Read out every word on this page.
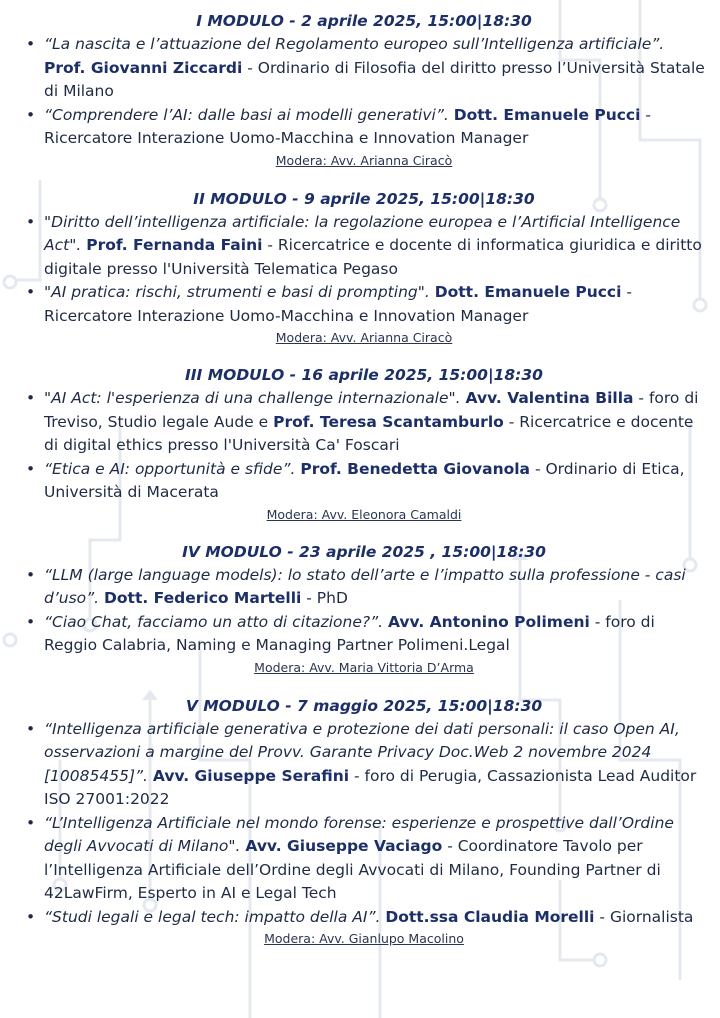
I MODULO - 2 aprile 2025, 15:00|18:30
• “La nascita e l’attuazione del Regolamento europeo sull’Intelligenza artificiale”. Prof. Giovanni Ziccardi - Ordinario di Filosofia del diritto presso l’Università Statale di Milano
• “Comprendere l’AI: dalle basi ai modelli generativi”. Dott. Emanuele Pucci - Ricercatore Interazione Uomo-Macchina e Innovation Manager
Modera: Avv. Arianna Ciracò
II MODULO - 9 aprile 2025, 15:00|18:30
• "Diritto dell’intelligenza artificiale: la regolazione europea e l’Artificial Intelligence Act". Prof. Fernanda Faini - Ricercatrice e docente di informatica giuridica e diritto digitale presso l'Università Telematica Pegaso
• "AI pratica: rischi, strumenti e basi di prompting". Dott. Emanuele Pucci - Ricercatore Interazione Uomo-Macchina e Innovation Manager
Modera: Avv. Arianna Ciracò
III MODULO - 16 aprile 2025, 15:00|18:30
• "AI Act: l'esperienza di una challenge internazionale". Avv. Valentina Billa - foro di Treviso, Studio legale Aude e Prof. Teresa Scantamburlo - Ricercatrice e docente di digital ethics presso l'Università Ca' Foscari
• “Etica e AI: opportunità e sfide”. Prof. Benedetta Giovanola - Ordinario di Etica, Università di Macerata
Modera: Avv. Eleonora Camaldi
IV MODULO - 23 aprile 2025 , 15:00|18:30
• “LLM (large language models): lo stato dell’arte e l’impatto sulla professione - casi d’uso”. Dott. Federico Martelli - PhD
• “Ciao Chat, facciamo un atto di citazione?”. Avv. Antonino Polimeni - foro di Reggio Calabria, Naming e Managing Partner Polimeni.Legal
Modera: Avv. Maria Vittoria D’Arma
V MODULO - 7 maggio 2025, 15:00|18:30
• “Intelligenza artificiale generativa e protezione dei dati personali: il caso Open AI, osservazioni a margine del Provv. Garante Privacy Doc.Web 2 novembre 2024 [10085455]”. Avv. Giuseppe Serafini - foro di Perugia, Cassazionista Lead Auditor ISO 27001:2022
• “L’Intelligenza Artificiale nel mondo forense: esperienze e prospettive dall’Ordine degli Avvocati di Milano". Avv. Giuseppe Vaciago - Coordinatore Tavolo per l’Intelligenza Artificiale dell’Ordine degli Avvocati di Milano, Founding Partner di 42LawFirm, Esperto in AI e Legal Tech
• “Studi legali e legal tech: impatto della AI”. Dott.ssa Claudia Morelli - Giornalista
Modera: Avv. Gianlupo Macolino
